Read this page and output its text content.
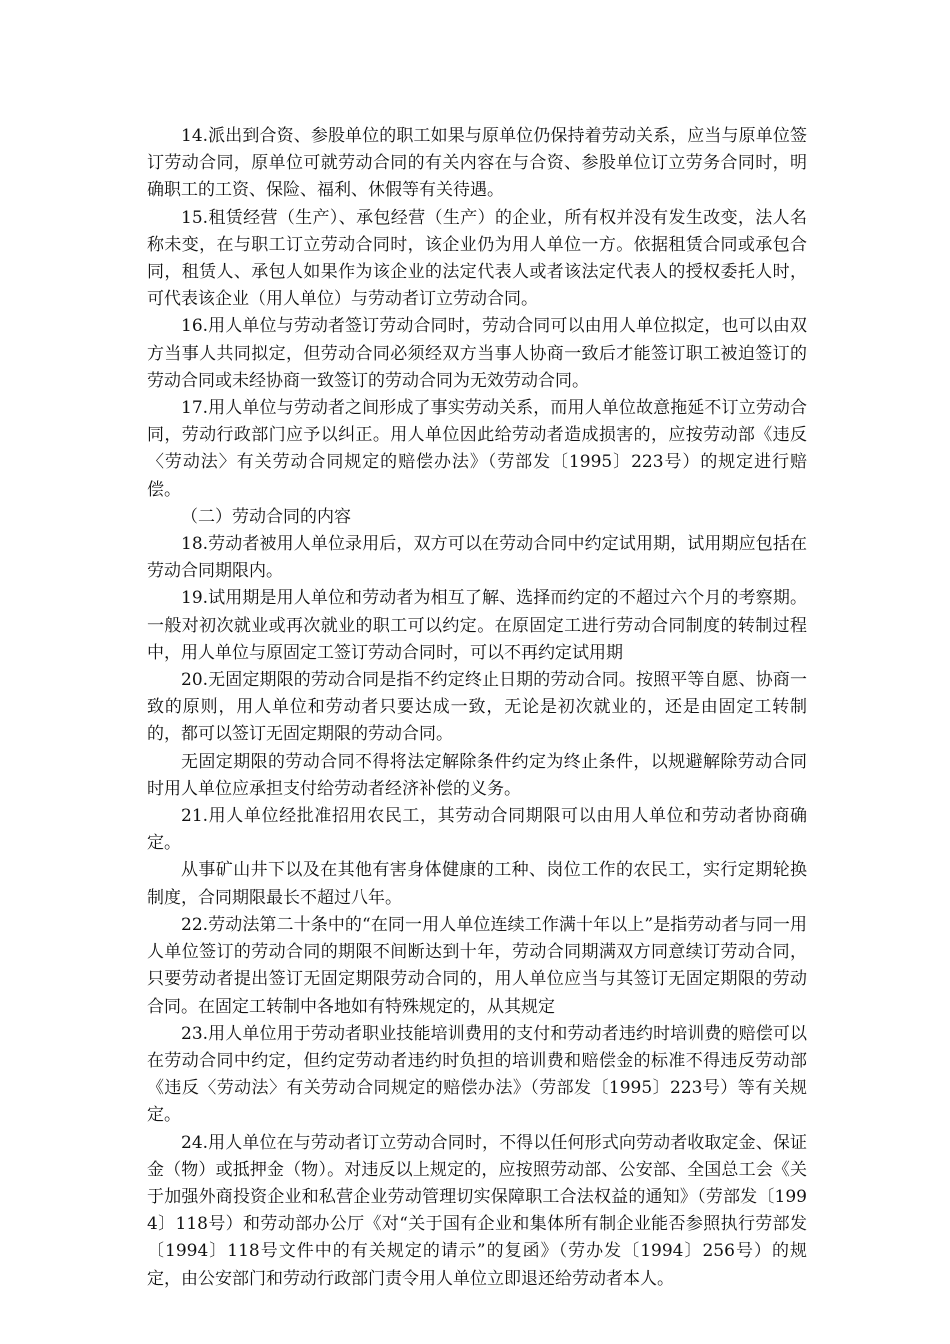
14.派出到合资、参股单位的职工如果与原单位仍保持着劳动关系，应当与原单位签订劳动合同，原单位可就劳动合同的有关内容在与合资、参股单位订立劳务合同时，明确职工的工资、保险、福利、休假等有关待遇。

15.租赁经营（生产）、承包经营（生产）的企业，所有权并没有发生改变，法人名称未变，在与职工订立劳动合同时，该企业仍为用人单位一方。依据租赁合同或承包合同，租赁人、承包人如果作为该企业的法定代表人或者该法定代表人的授权委托人时，可代表该企业（用人单位）与劳动者订立劳动合同。

16.用人单位与劳动者签订劳动合同时，劳动合同可以由用人单位拟定，也可以由双方当事人共同拟定，但劳动合同必须经双方当事人协商一致后才能签订职工被迫签订的劳动合同或未经协商一致签订的劳动合同为无效劳动合同。

17.用人单位与劳动者之间形成了事实劳动关系，而用人单位故意拖延不订立劳动合同，劳动行政部门应予以纠正。用人单位因此给劳动者造成损害的，应按劳动部《违反〈劳动法〉有关劳动合同规定的赔偿办法》（劳部发〔1995〕223号）的规定进行赔偿。

（二）劳动合同的内容

18.劳动者被用人单位录用后，双方可以在劳动合同中约定试用期，试用期应包括在劳动合同期限内。

19.试用期是用人单位和劳动者为相互了解、选择而约定的不超过六个月的考察期。一般对初次就业或再次就业的职工可以约定。在原固定工进行劳动合同制度的转制过程中，用人单位与原固定工签订劳动合同时，可以不再约定试用期

20.无固定期限的劳动合同是指不约定终止日期的劳动合同。按照平等自愿、协商一致的原则，用人单位和劳动者只要达成一致，无论是初次就业的，还是由固定工转制的，都可以签订无固定期限的劳动合同。

无固定期限的劳动合同不得将法定解除条件约定为终止条件，以规避解除劳动合同时用人单位应承担支付给劳动者经济补偿的义务。

21.用人单位经批准招用农民工，其劳动合同期限可以由用人单位和劳动者协商确定。

从事矿山井下以及在其他有害身体健康的工种、岗位工作的农民工，实行定期轮换制度，合同期限最长不超过八年。

22.劳动法第二十条中的“在同一用人单位连续工作满十年以上”是指劳动者与同一用人单位签订的劳动合同的期限不间断达到十年，劳动合同期满双方同意续订劳动合同，只要劳动者提出签订无固定期限劳动合同的，用人单位应当与其签订无固定期限的劳动合同。在固定工转制中各地如有特殊规定的，从其规定

23.用人单位用于劳动者职业技能培训费用的支付和劳动者违约时培训费的赔偿可以在劳动合同中约定，但约定劳动者违约时负担的培训费和赔偿金的标准不得违反劳动部《违反〈劳动法〉有关劳动合同规定的赔偿办法》（劳部发〔1995〕223号）等有关规定。

24.用人单位在与劳动者订立劳动合同时，不得以任何形式向劳动者收取定金、保证金（物）或抵押金（物）。对违反以上规定的，应按照劳动部、公安部、全国总工会《关于加强外商投资企业和私营企业劳动管理切实保障职工合法权益的通知》（劳部发〔1994〕118号）和劳动部办公厅《对“关于国有企业和集体所有制企业能否参照执行劳部发〔1994〕118号文件中的有关规定的请示”的复函》（劳办发〔1994〕256号）的规定，由公安部门和劳动行政部门责令用人单位立即退还给劳动者本人。
